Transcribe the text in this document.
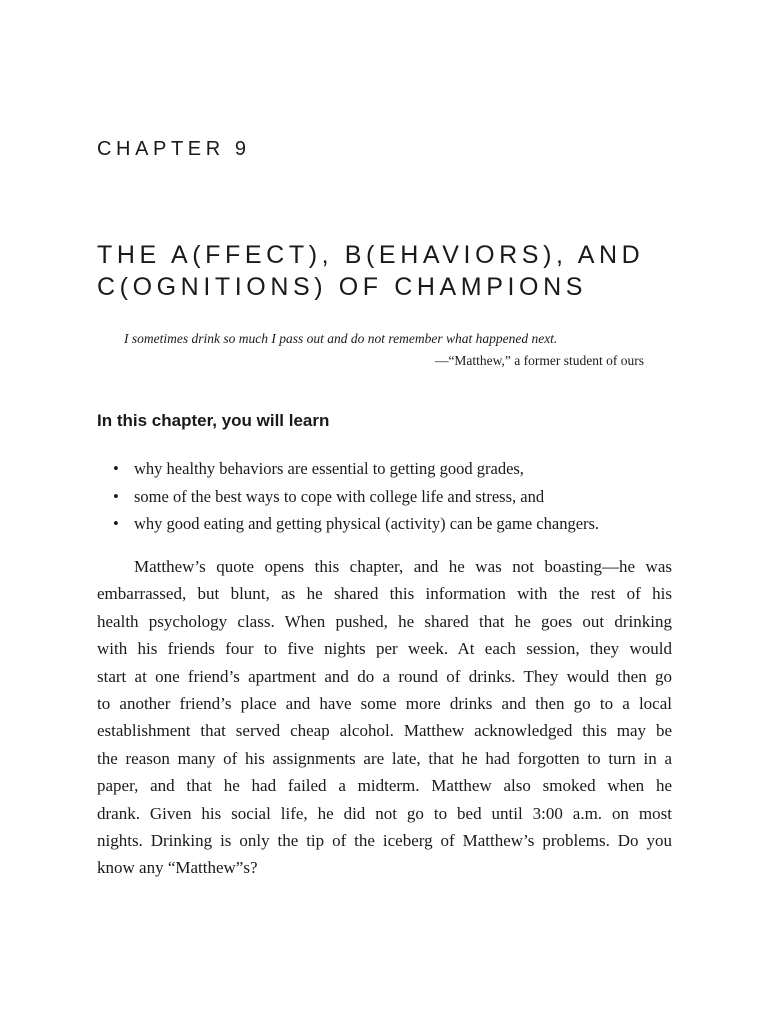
CHAPTER 9
THE A(FFECT), B(EHAVIORS), AND
C(OGNITIONS) OF CHAMPIONS
I sometimes drink so much I pass out and do not remember what happened next.
—“Matthew,” a former student of ours
In this chapter, you will learn
• why healthy behaviors are essential to getting good grades,
• some of the best ways to cope with college life and stress, and
• why good eating and getting physical (activity) can be game changers.

Matthew’s quote opens this chapter, and he was not boasting—he was
embarrassed, but blunt, as he shared this information with the rest of his
health psychology class. When pushed, he shared that he goes out drinking
with his friends four to five nights per week. At each session, they would
start at one friend’s apartment and do a round of drinks. They would then go
to another friend’s place and have some more drinks and then go to a local
establishment that served cheap alcohol. Matthew acknowledged this may be
the reason many of his assignments are late, that he had forgotten to turn in a
paper, and that he had failed a midterm. Matthew also smoked when he
drank. Given his social life, he did not go to bed until 3:00 a.m. on most
nights. Drinking is only the tip of the iceberg of Matthew’s problems. Do you
know any “Matthew”s?
